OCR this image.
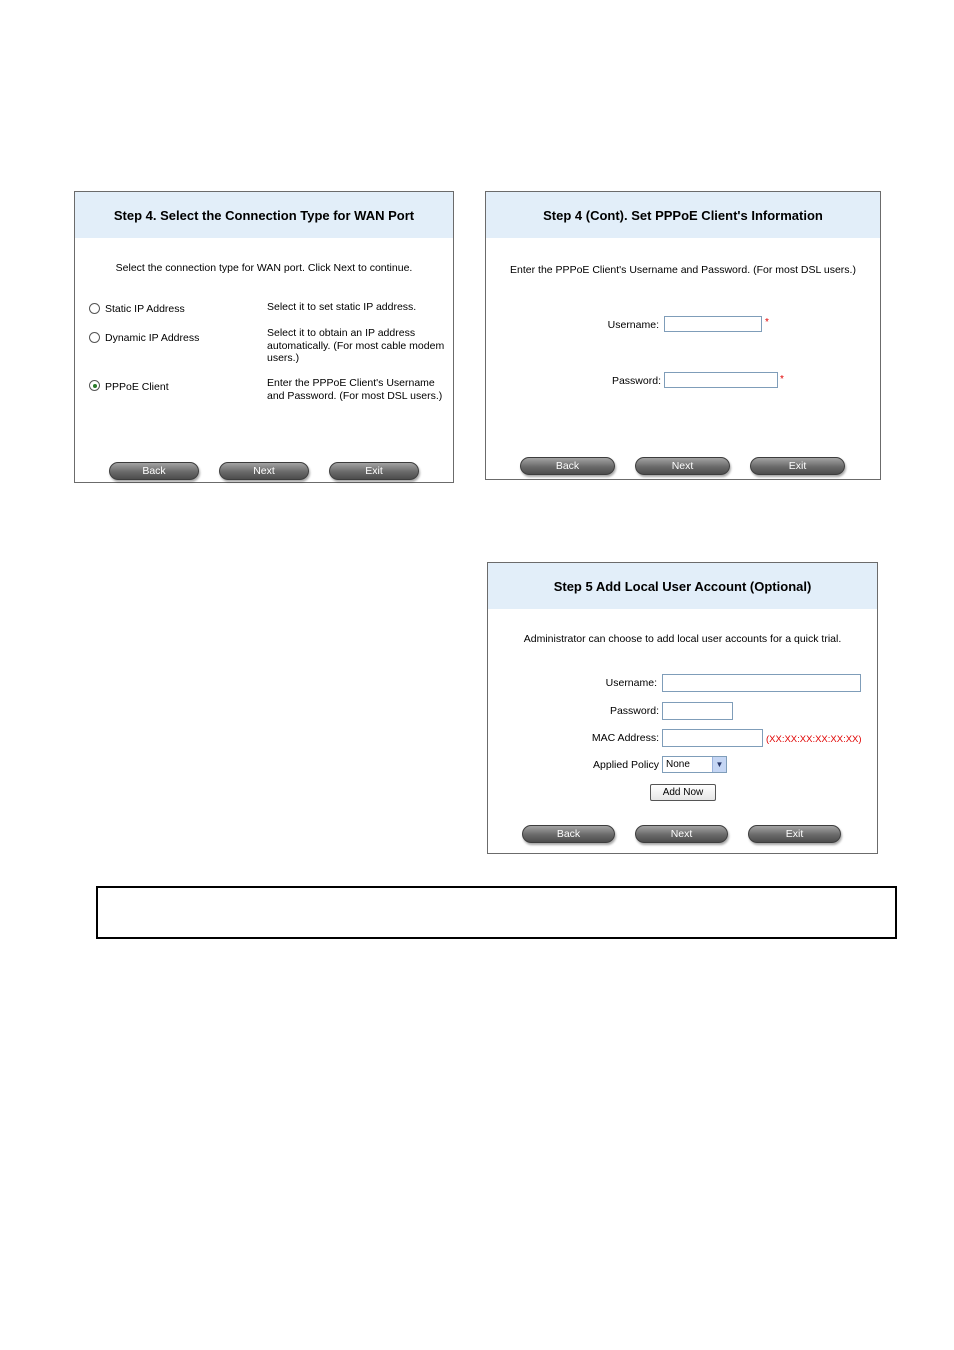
Step 4. Select the Connection Type for WAN Port
Select the connection type for WAN port. Click Next to continue.
Static IP Address	Select it to set static IP address.
Dynamic IP Address	Select it to obtain an IP address automatically. (For most cable modem users.)
PPPoE Client	Enter the PPPoE Client's Username and Password. (For most DSL users.)
Back	Next	Exit
Step 4 (Cont). Set PPPoE Client's Information
Enter the PPPoE Client's Username and Password. (For most DSL users.)
Username:	*
Password:	*
Back	Next	Exit
Step 5 Add Local User Account (Optional)
Administrator can choose to add local user accounts for a quick trial.
Username:
Password:
MAC Address:	(XX:XX:XX:XX:XX:XX)
Applied Policy None	▼
Add Now
Back	Next	Exit
